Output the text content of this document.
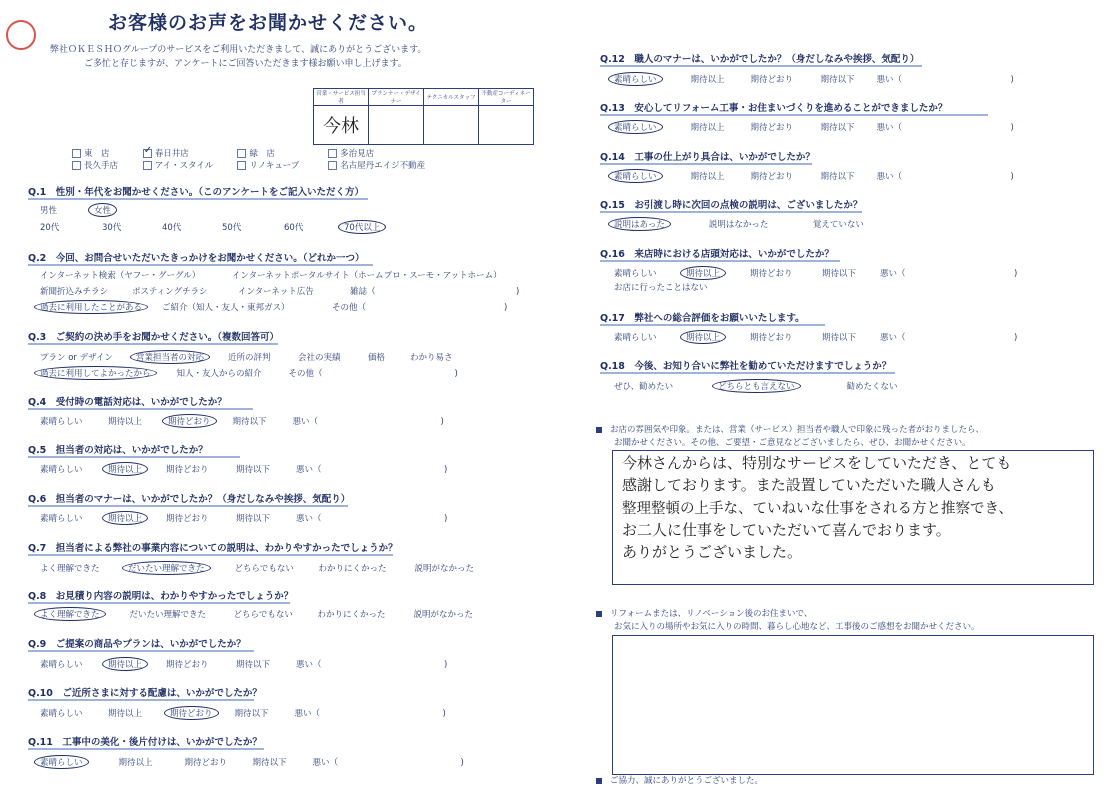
お客様のお声をお聞かせください。
弊社ＯＫＥＳＨＯグループのサービスをご利用いただきまして、誠にありがとうございます。
ご多忙と存じますが、アンケートにご回答いただきます様お願い申し上げます。
営業・サービス担当者	プランナー・デザイナー	テクニカルスタッフ	不動産コーディネーター
今林			
東　店	✓ 春日井店	緑　店	多治見店
長久手店	アイ・スタイル	リノキューブ	名古屋丹エイジ不動産
Q.1　性別・年代をお聞かせください。（このアンケートをご記入いただく方）
男性	女性
20代	30代	40代	50代	60代	70代以上
Q.2　今回、お問合せいただいたきっかけをお聞かせください。（どれか一つ）
インターネット検索（ヤフー・グーグル）	インターネットポータルサイト（ホームプロ・スーモ・アットホーム）
新聞折込みチラシ	ポスティングチラシ	インターネット広告	雑誌（	)
過去に利用したことがある ご紹介（知人・友人・東邦ガス）	その他（	)
Q.3　ご契約の決め手をお聞かせください。（複数回答可）
プラン or デザイン	営業担当者の対応	近所の評判	会社の実績	価格	わかり易さ
過去に利用してよかったから	知人・友人からの紹介	その他（	)
Q.4　受付時の電話対応は、いかがでしたか？
素晴らしい	期待以上	期待どおり	期待以下	悪い（	)
Q.5　担当者の対応は、いかがでしたか？
素晴らしい	期待以上	期待どおり	期待以下	悪い（	)
Q.6　担当者のマナーは、いかがでしたか？（身だしなみや挨拶、気配り）
素晴らしい	期待以上	期待どおり	期待以下	悪い（	)
Q.7　担当者による弊社の事業内容についての説明は、わかりやすかったでしょうか？
よく理解できた	だいたい理解できた	どちらでもない	わかりにくかった	説明がなかった
Q.8　お見積り内容の説明は、わかりやすかったでしょうか？
よく理解できた	だいたい理解できた	どちらでもない	わかりにくかった	説明がなかった
Q.9　ご提案の商品やプランは、いかがでしたか？
素晴らしい	期待以上	期待どおり	期待以下	悪い（	)
Q.10　ご近所さまに対する配慮は、いかがでしたか？
素晴らしい	期待以上	期待どおり	期待以下	悪い（	)
Q.11　工事中の美化・後片付けは、いかがでしたか？
素晴らしい	期待以上	期待どおり	期待以下	悪い（	)
Q.12　職人のマナーは、いかがでしたか？（身だしなみや挨拶、気配り）
素晴らしい	期待以上	期待どおり	期待以下	悪い（	)
Q.13　安心してリフォーム工事・お住まいづくりを進めることができましたか？
素晴らしい	期待以上	期待どおり	期待以下	悪い（	)
Q.14　工事の仕上がり具合は、いかがでしたか？
素晴らしい	期待以上	期待どおり	期待以下	悪い（	)
Q.15　お引渡し時に次回の点検の説明は、ございましたか？
説明はあった	説明はなかった	覚えていない
Q.16　来店時における店頭対応は、いかがでしたか？
素晴らしい	期待以上	期待どおり	期待以下	悪い（	)
お店に行ったことはない
Q.17　弊社への総合評価をお願いいたします。
素晴らしい	期待以上	期待どおり	期待以下	悪い（	)
Q.18　今後、お知り合いに弊社を勧めていただけますでしょうか？
ぜひ、勧めたい	どちらとも言えない	勧めたくない
お店の雰囲気や印象。または、営業（サービス）担当者や職人で印象に残った者がおりましたら、
お聞かせください。その他、ご要望・ご意見などございましたら、ぜひ、お聞かせください。
今林さんからは、特別なサービスをしていただき、とても
感謝しております。また設置していただいた職人さんも
整理整頓の上手な、ていねいな仕事をされる方と推察でき、
お二人に仕事をしていただいて喜んでおります。
ありがとうございました。
リフォームまたは、リノベーション後のお住まいで、
お気に入りの場所やお気に入りの時間、暮らし心地など、工事後のご感想をお聞かせください。
ご協力、誠にありがとうございました。
